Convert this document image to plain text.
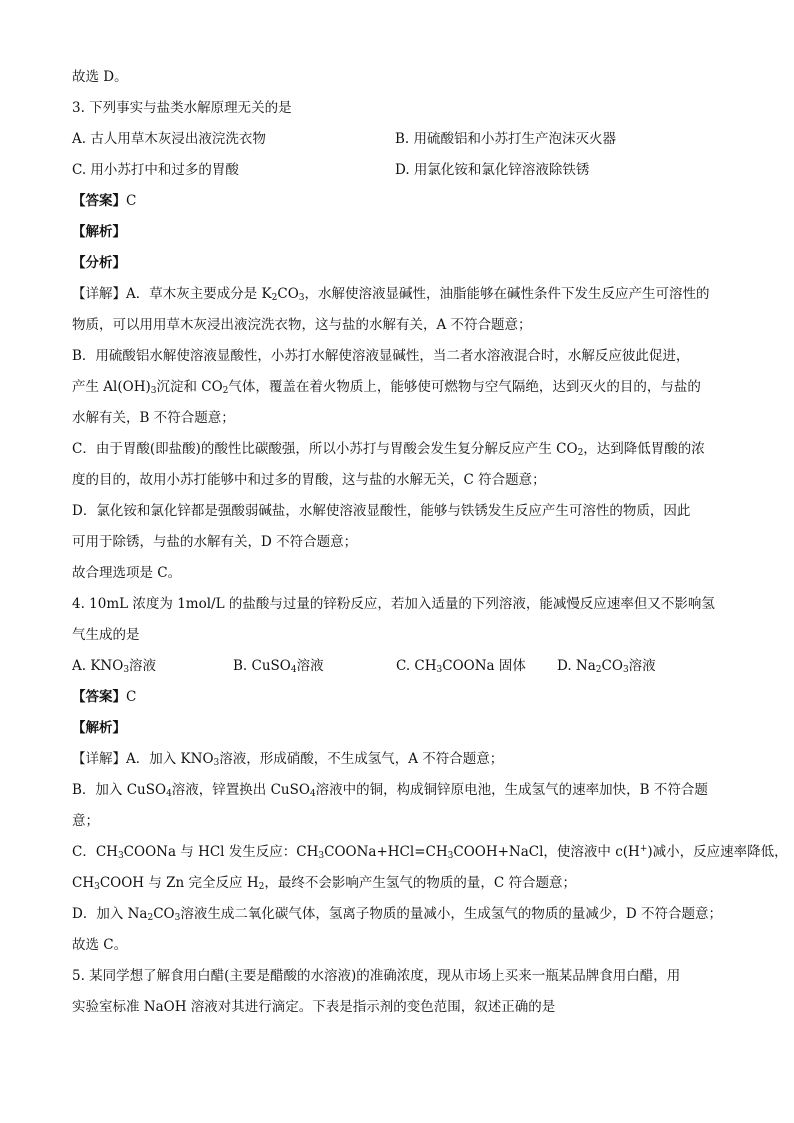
故选 D。
3. 下列事实与盐类水解原理无关的是
A. 古人用草木灰浸出液浣洗衣物	B. 用硫酸铝和小苏打生产泡沫灭火器
C. 用小苏打中和过多的胃酸	D. 用氯化铵和氯化锌溶液除铁锈
【答案】C
【解析】
【分析】
【详解】A．草木灰主要成分是 $K_2CO_3$，水解使溶液显碱性，油脂能够在碱性条件下发生反应产生可溶性的
物质，可以用用草木灰浸出液浣洗衣物，这与盐的水解有关，A 不符合题意；
B．用硫酸铝水解使溶液显酸性，小苏打水解使溶液显碱性，当二者水溶液混合时，水解反应彼此促进，
产生 $Al(OH)_3$沉淀和 $CO_2$气体，覆盖在着火物质上，能够使可燃物与空气隔绝，达到灭火的目的，与盐的
水解有关，B 不符合题意；
C．由于胃酸(即盐酸)的酸性比碳酸强，所以小苏打与胃酸会发生复分解反应产生 $CO_2$，达到降低胃酸的浓
度的目的，故用小苏打能够中和过多的胃酸，这与盐的水解无关，C 符合题意；
D．氯化铵和氯化锌都是强酸弱碱盐，水解使溶液显酸性，能够与铁锈发生反应产生可溶性的物质，因此
可用于除锈，与盐的水解有关，D 不符合题意；
故合理选项是 C。
4. 10mL 浓度为 1mol/L 的盐酸与过量的锌粉反应，若加入适量的下列溶液，能减慢反应速率但又不影响氢
气生成的是
A. $KNO_3$溶液	B. CuSO$_4$溶液	C. $CH_3COONa$ 固体	D. $Na_2CO_3$溶液
【答案】C
【解析】
【详解】A．加入 $KNO_3$溶液，形成硝酸，不生成氢气，A 不符合题意；
B．加入 CuSO$_4$溶液，锌置换出 CuSO$_4$溶液中的铜，构成铜锌原电池，生成氢气的速率加快，B 不符合题
意；
C．$CH_3COONa$ 与 HCl 发生反应：$CH_3COONa+HCl=CH_3COOH+NaCl$，使溶液中 c(H+)减小，反应速率降低，
$CH_3COOH$ 与 Zn 完全反应 $H_2$，最终不会影响产生氢气的物质的量，C 符合题意；
D．加入 $Na_2CO_3$溶液生成二氧化碳气体，氢离子物质的量减小，生成氢气的物质的量减少，D 不符合题意；
故选 C。
5. 某同学想了解食用白醋(主要是醋酸的水溶液)的准确浓度，现从市场上买来一瓶某品牌食用白醋，用
实验室标准 NaOH 溶液对其进行滴定。下表是指示剂的变色范围，叙述正确的是
